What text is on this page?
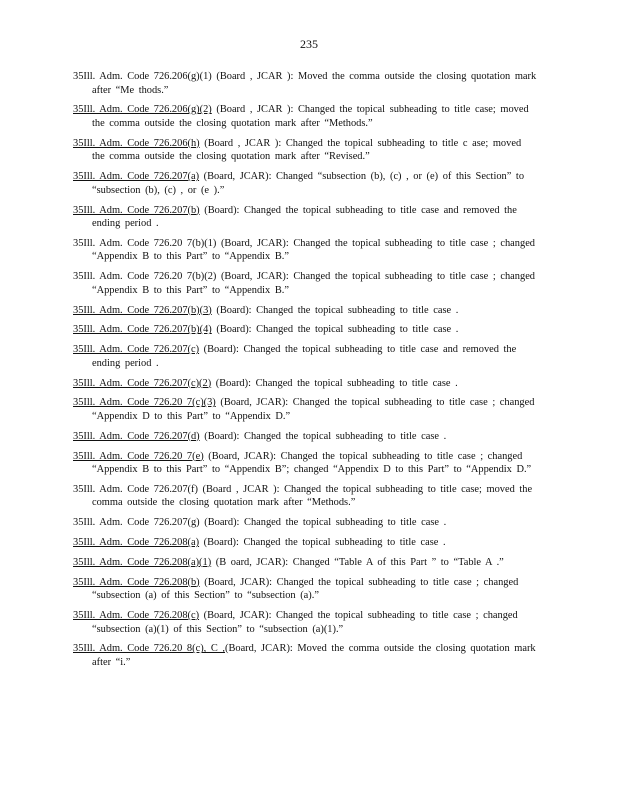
235
35Ill. Adm. Code 726.206(g)(1) (Board , JCAR ): Moved the comma outside the closing quotation mark after “Me thods.”
35Ill. Adm. Code 726.206(g)(2) (Board , JCAR ): Changed the topical subheading to title case; moved the comma outside the closing quotation mark after “Methods.”
35Ill. Adm. Code 726.206(h) (Board , JCAR ): Changed the topical subheading to title c ase; moved the comma outside the closing quotation mark after “Revised.”
35Ill. Adm. Code 726.207(a) (Board, JCAR): Changed “subsection (b), (c) , or (e) of this Section” to “subsection (b), (c) , or (e ).”
35Ill. Adm. Code 726.207(b) (Board): Changed the topical subheading to title case and removed the ending period .
35Ill. Adm. Code 726.20 7(b)(1) (Board, JCAR): Changed the topical subheading to title case ; changed “Appendix B to this Part” to “Appendix B.”
35Ill. Adm. Code 726.20 7(b)(2) (Board, JCAR): Changed the topical subheading to title case ; changed “Appendix B to this Part” to “Appendix B.”
35Ill. Adm. Code 726.207(b)(3) (Board): Changed the topical subheading to title case .
35Ill. Adm. Code 726.207(b)(4) (Board): Changed the topical subheading to title case .
35Ill. Adm. Code 726.207(c) (Board): Changed the topical subheading to title case and removed the ending period .
35Ill. Adm. Code 726.207(c)(2) (Board): Changed the topical subheading to title case .
35Ill. Adm. Code 726.20 7(c)(3) (Board, JCAR): Changed the topical subheading to title case ; changed “Appendix D to this Part” to “Appendix D.”
35Ill. Adm. Code 726.207(d) (Board): Changed the topical subheading to title case .
35Ill. Adm. Code 726.20 7(e) (Board, JCAR): Changed the topical subheading to title case ; changed “Appendix B to this Part” to “Appendix B”; changed “Appendix D to this Part” to “Appendix D.”
35Ill. Adm. Code 726.207(f) (Board , JCAR ): Changed the topical subheading to title case; moved the comma outside the closing quotation mark after “Methods.”
35Ill. Adm. Code 726.207(g) (Board): Changed the topical subheading to title case .
35Ill. Adm. Code 726.208(a) (Board): Changed the topical subheading to title case .
35Ill. Adm. Code 726.208(a)(1) (B oard, JCAR): Changed “Table A of this Part ” to “Table A .”
35Ill. Adm. Code 726.208(b) (Board, JCAR): Changed the topical subheading to title case ; changed “subsection (a) of this Section” to “subsection (a).”
35Ill. Adm. Code 726.208(c) (Board, JCAR): Changed the topical subheading to title case ; changed “subsection (a)(1) of this Section” to “subsection (a)(1).”
35Ill. Adm. Code 726.20 8(c), C ,(Board, JCAR): Moved the comma outside the closing quotation mark after “i.”
